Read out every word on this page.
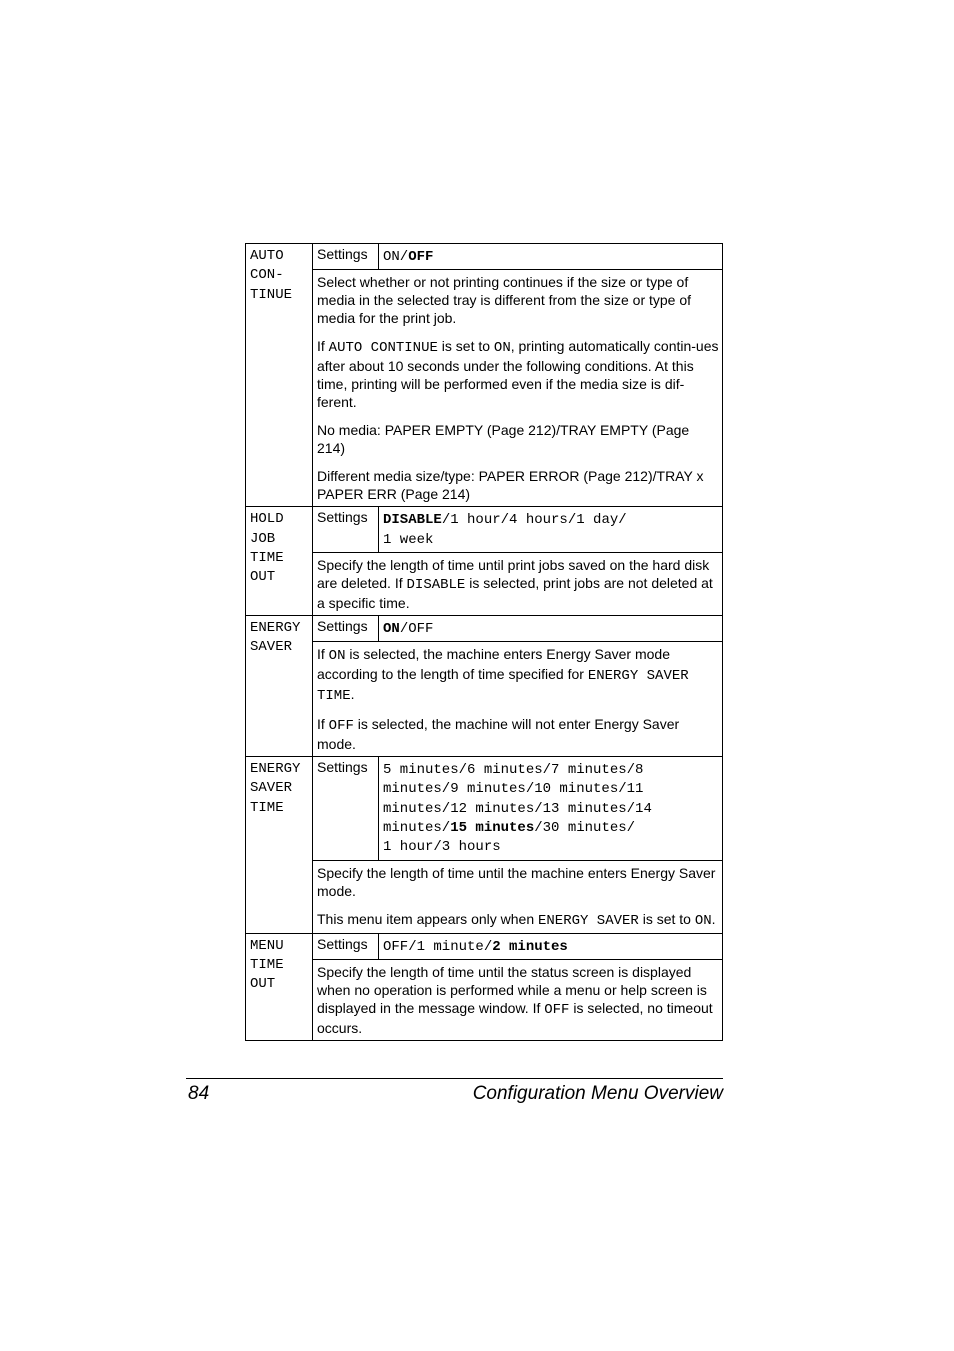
AUTO
CON-
TINUE	Settings	ON/OFF

	Select whether or not printing continues if the size or type of media in the selected tray is different from the size or type of media for the print job.

If AUTO CONTINUE is set to ON, printing automatically contin-ues after about 10 seconds under the following conditions. At this time, printing will be performed even if the media size is dif-ferent.

No media: PAPER EMPTY (Page 212)/TRAY EMPTY (Page 214)

Different media size/type: PAPER ERROR (Page 212)/TRAY x PAPER ERR (Page 214)	

HOLD
JOB
TIME
OUT	Settings	DISABLE/1 hour/4 hours/1 day/
1 week

	Specify the length of time until print jobs saved on the hard disk are deleted. If DISABLE is selected, print jobs are not deleted at a specific time.	

ENERGY
SAVER	Settings	ON/OFF

	If ON is selected, the machine enters Energy Saver mode according to the length of time specified for ENERGY SAVER TIME.

If OFF is selected, the machine will not enter Energy Saver mode.	

ENERGY
SAVER
TIME	Settings	5 minutes/6 minutes/7 minutes/8
minutes/9 minutes/10 minutes/11
minutes/12 minutes/13 minutes/14
minutes/15 minutes/30 minutes/
1 hour/3 hours

	Specify the length of time until the machine enters Energy Saver mode.

This menu item appears only when ENERGY SAVER is set to ON.	

MENU
TIME
OUT	Settings	OFF/1 minute/2 minutes

	Specify the length of time until the status screen is displayed when no operation is performed while a menu or help screen is displayed in the message window. If OFF is selected, no timeout occurs.	

84	Configuration Menu Overview
